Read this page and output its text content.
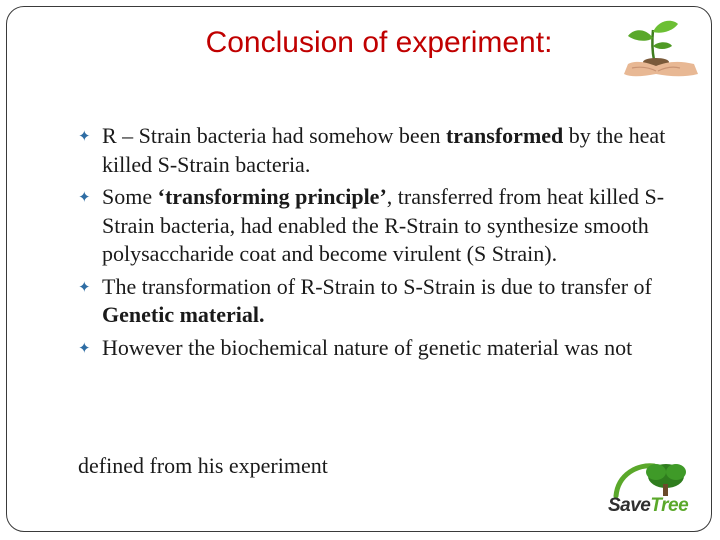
Conclusion of experiment:
✦ R – Strain bacteria had somehow been transformed by the heat killed S-Strain bacteria.
✦ Some ‘transforming principle’, transferred from heat killed S-Strain bacteria, had enabled the R-Strain to synthesize smooth polysaccharide coat and become virulent (S Strain).
✦ The transformation of R-Strain to S-Strain is due to transfer of Genetic material.
✦ However the biochemical nature of genetic material was not
defined from his experiment
SaveTree
